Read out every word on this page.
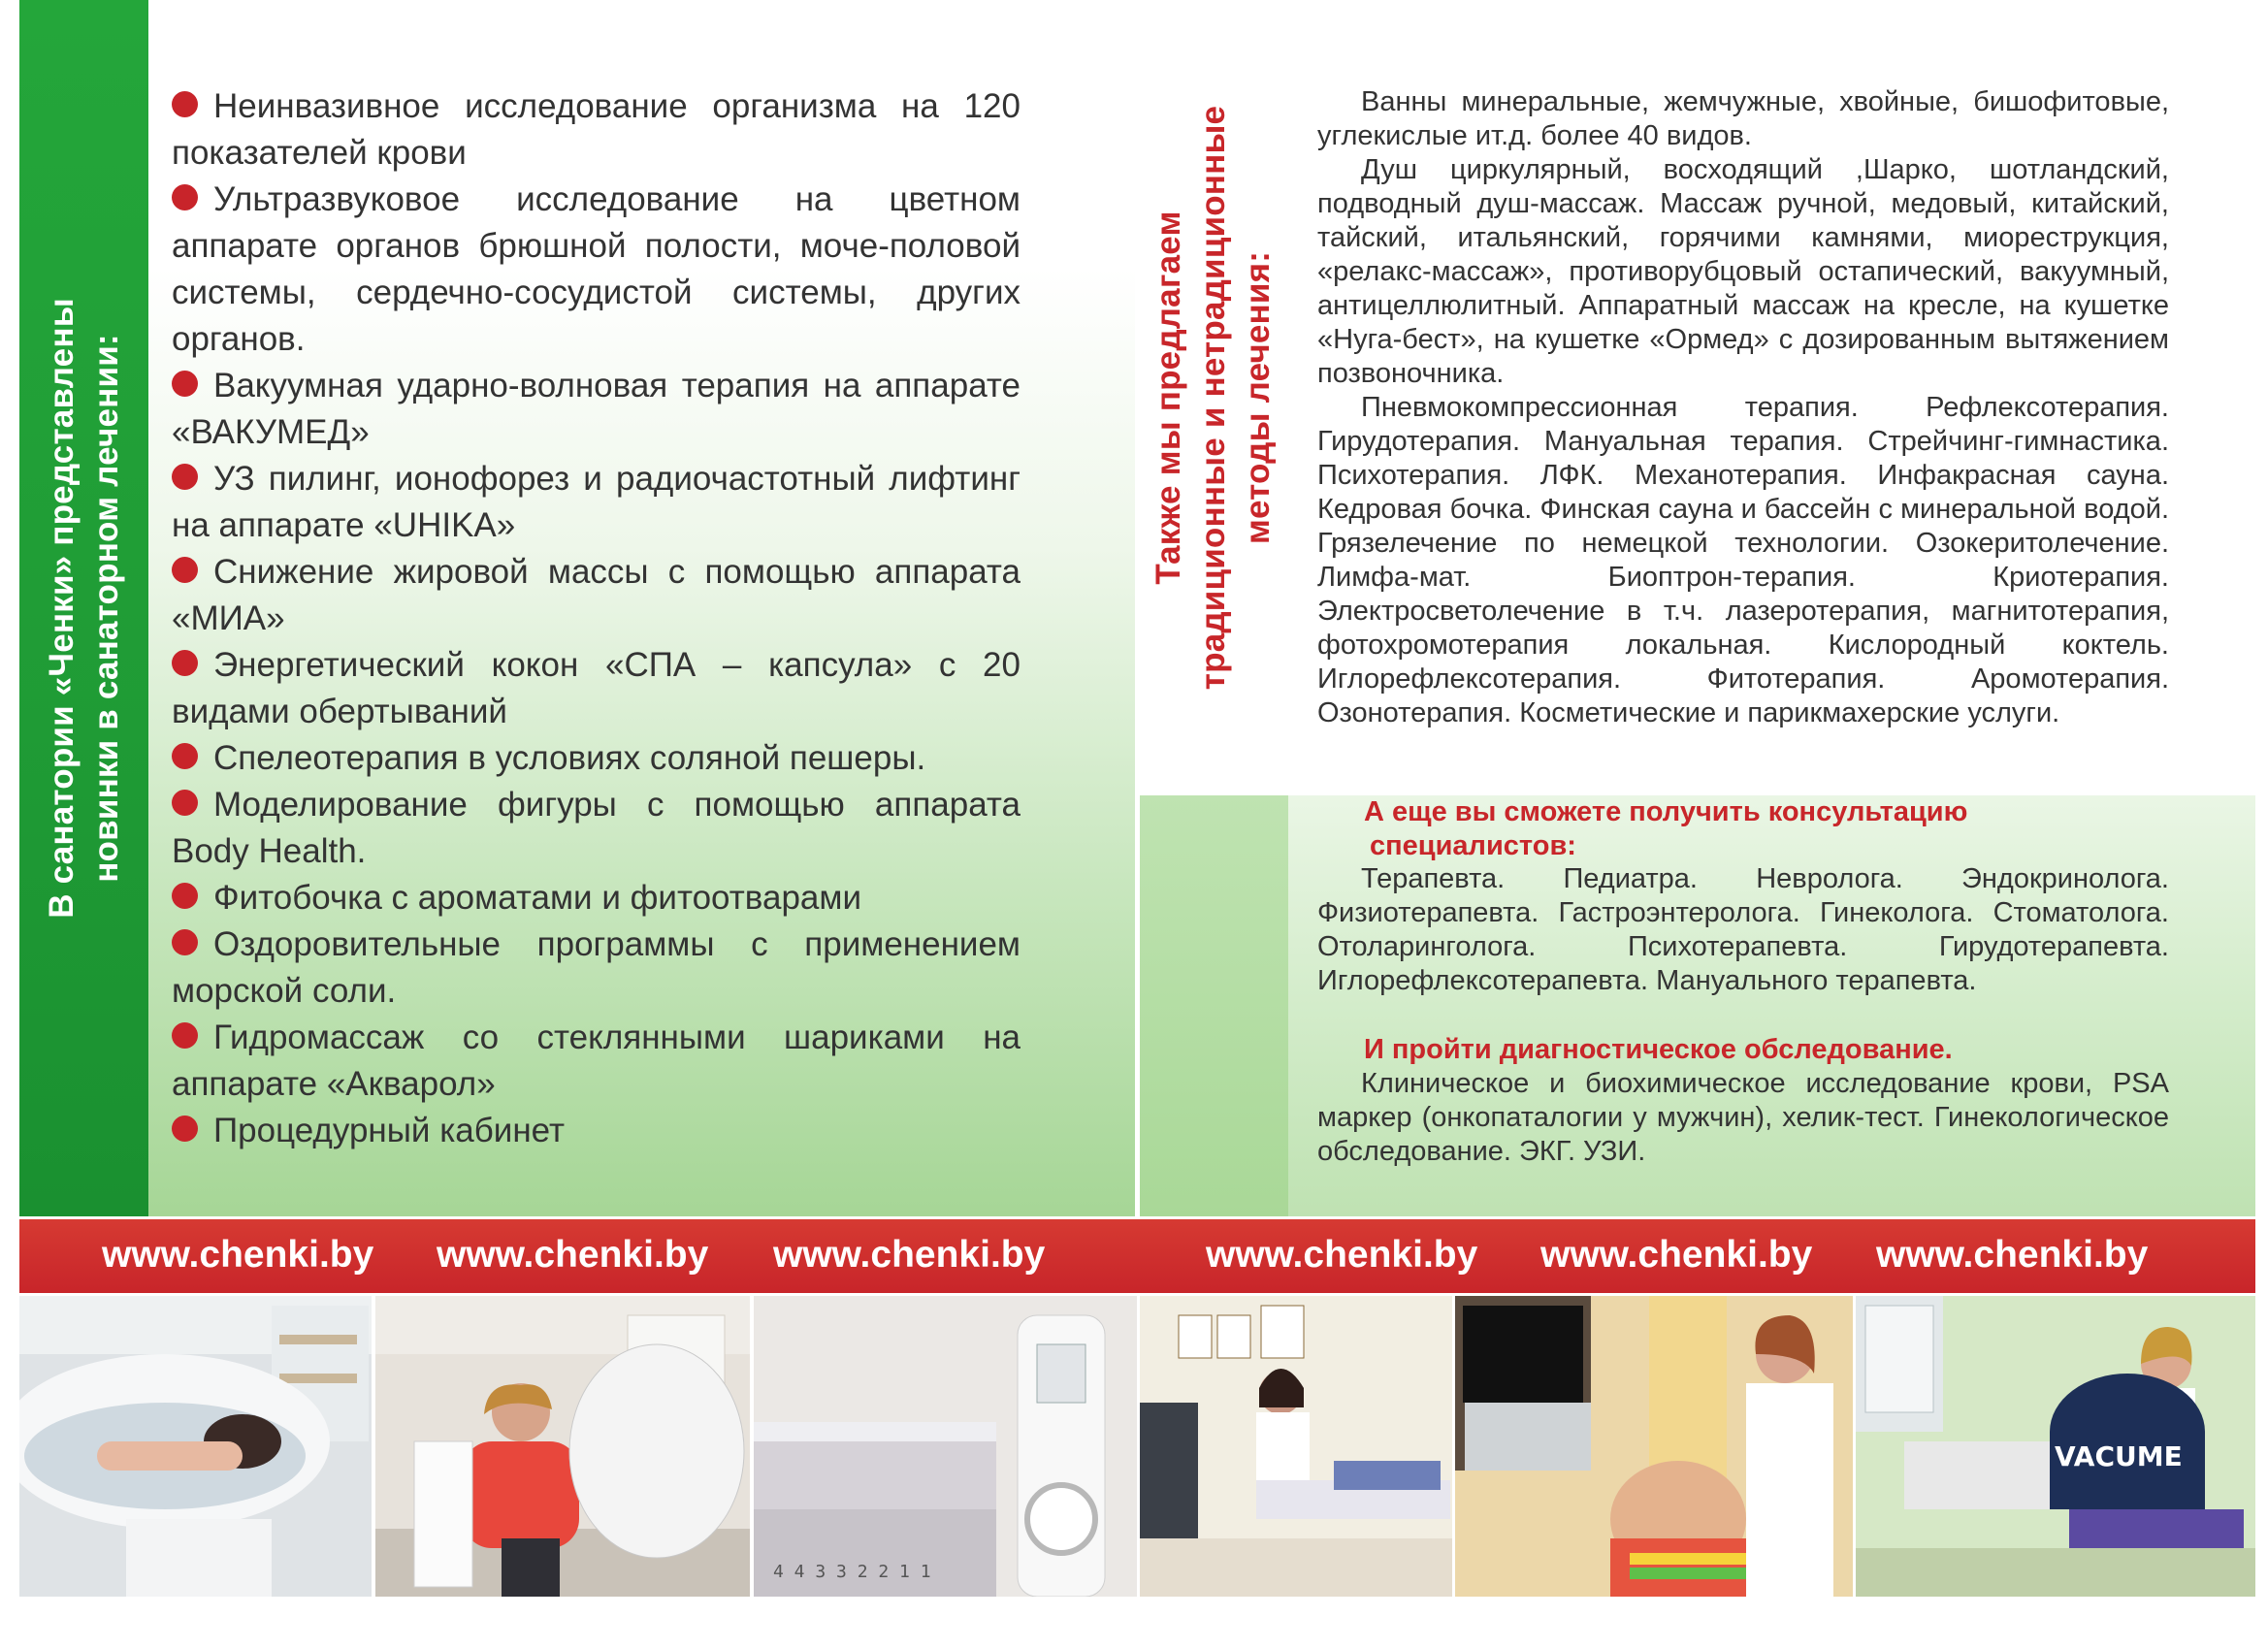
В санатории «Ченки» представлены новинки в санаторном лечении:
Неинвазивное исследование организма на 120 показателей крови
Ультразвуковое исследование на цветном аппарате органов брюшной полости, моче-половой системы, сердечно-сосудистой системы, других органов.
Вакуумная ударно-волновая терапия на аппарате «ВАКУМЕД»
УЗ пилинг, ионофорез и радиочастотный лифтинг на аппарате «UHIKA»
Снижение жировой массы с помощью аппарата «МИА»
Энергетический кокон «СПА – капсула» с 20 видами обертываний
Спелеотерапия в условиях соляной пешеры.
Моделирование фигуры с помощью аппарата Body Health.
Фитобочка с ароматами и фитоотварами
Оздоровительные программы с применением морской соли.
Гидромассаж со стеклянными шариками на аппарате «Акварол»
Процедурный кабинет
Также мы предлагаем традиционные и нетрадиционные методы лечения:

Ванны минеральные, жемчужные, хвойные, бишофитовые, углекислые ит.д. более 40 видов.

Душ циркулярный, восходящий ,Шарко, шотландский, подводный душ-массаж. Массаж ручной, медовый, китайский, тайский, итальянский, горячими камнями, миореструкция, «релакс-массаж», противорубцовый остапический, вакуумный, антицеллюлитный. Аппаратный массаж на кресле, на кушетке «Нуга-бест», на кушетке «Ормед» с дозированным вытяжением позвоночника.

Пневмокомпрессионная терапия. Рефлексотерапия. Гирудотерапия. Мануальная терапия. Стрейчинг-гимнастика. Психотерапия. ЛФК. Механотерапия. Инфакрасная сауна. Кедровая бочка. Финская сауна и бассейн с минеральной водой. Грязелечение по немецкой технологии. Озокеритолечение. Лимфа-мат. Биоптрон-терапия. Криотерапия. Электросветолечение в т.ч. лазеротерапия, магнитотерапия, фотохромотерапия локальная. Кислородный коктель. Иглорефлексотерапия. Фитотерапия. Аромотерапия. Озонотерапия. Косметические и парикмахерские услуги.

А еще вы сможете получить консультацию
специалистов:

Терапевта. Педиатра. Невролога. Эндокринолога. Физиотерапевта. Гастроэнтеролога. Гинеколога. Стоматолога. Отоларинголога. Психотерапевта. Гирудотерапевта. Иглорефлексотерапевта. Мануального терапевта.

И пройти диагностическое обследование.

Клиническое и биохимическое исследование крови, PSA маркер (онкопаталогии у мужчин), хелик-тест. Гинекологическое обследование. ЭКГ. УЗИ.

www.chenki.by www.chenki.by www.chenki.by	www.chenki.by www.chenki.by www.chenki.by
4 4 3 3 2 2 1 1
VACUME
